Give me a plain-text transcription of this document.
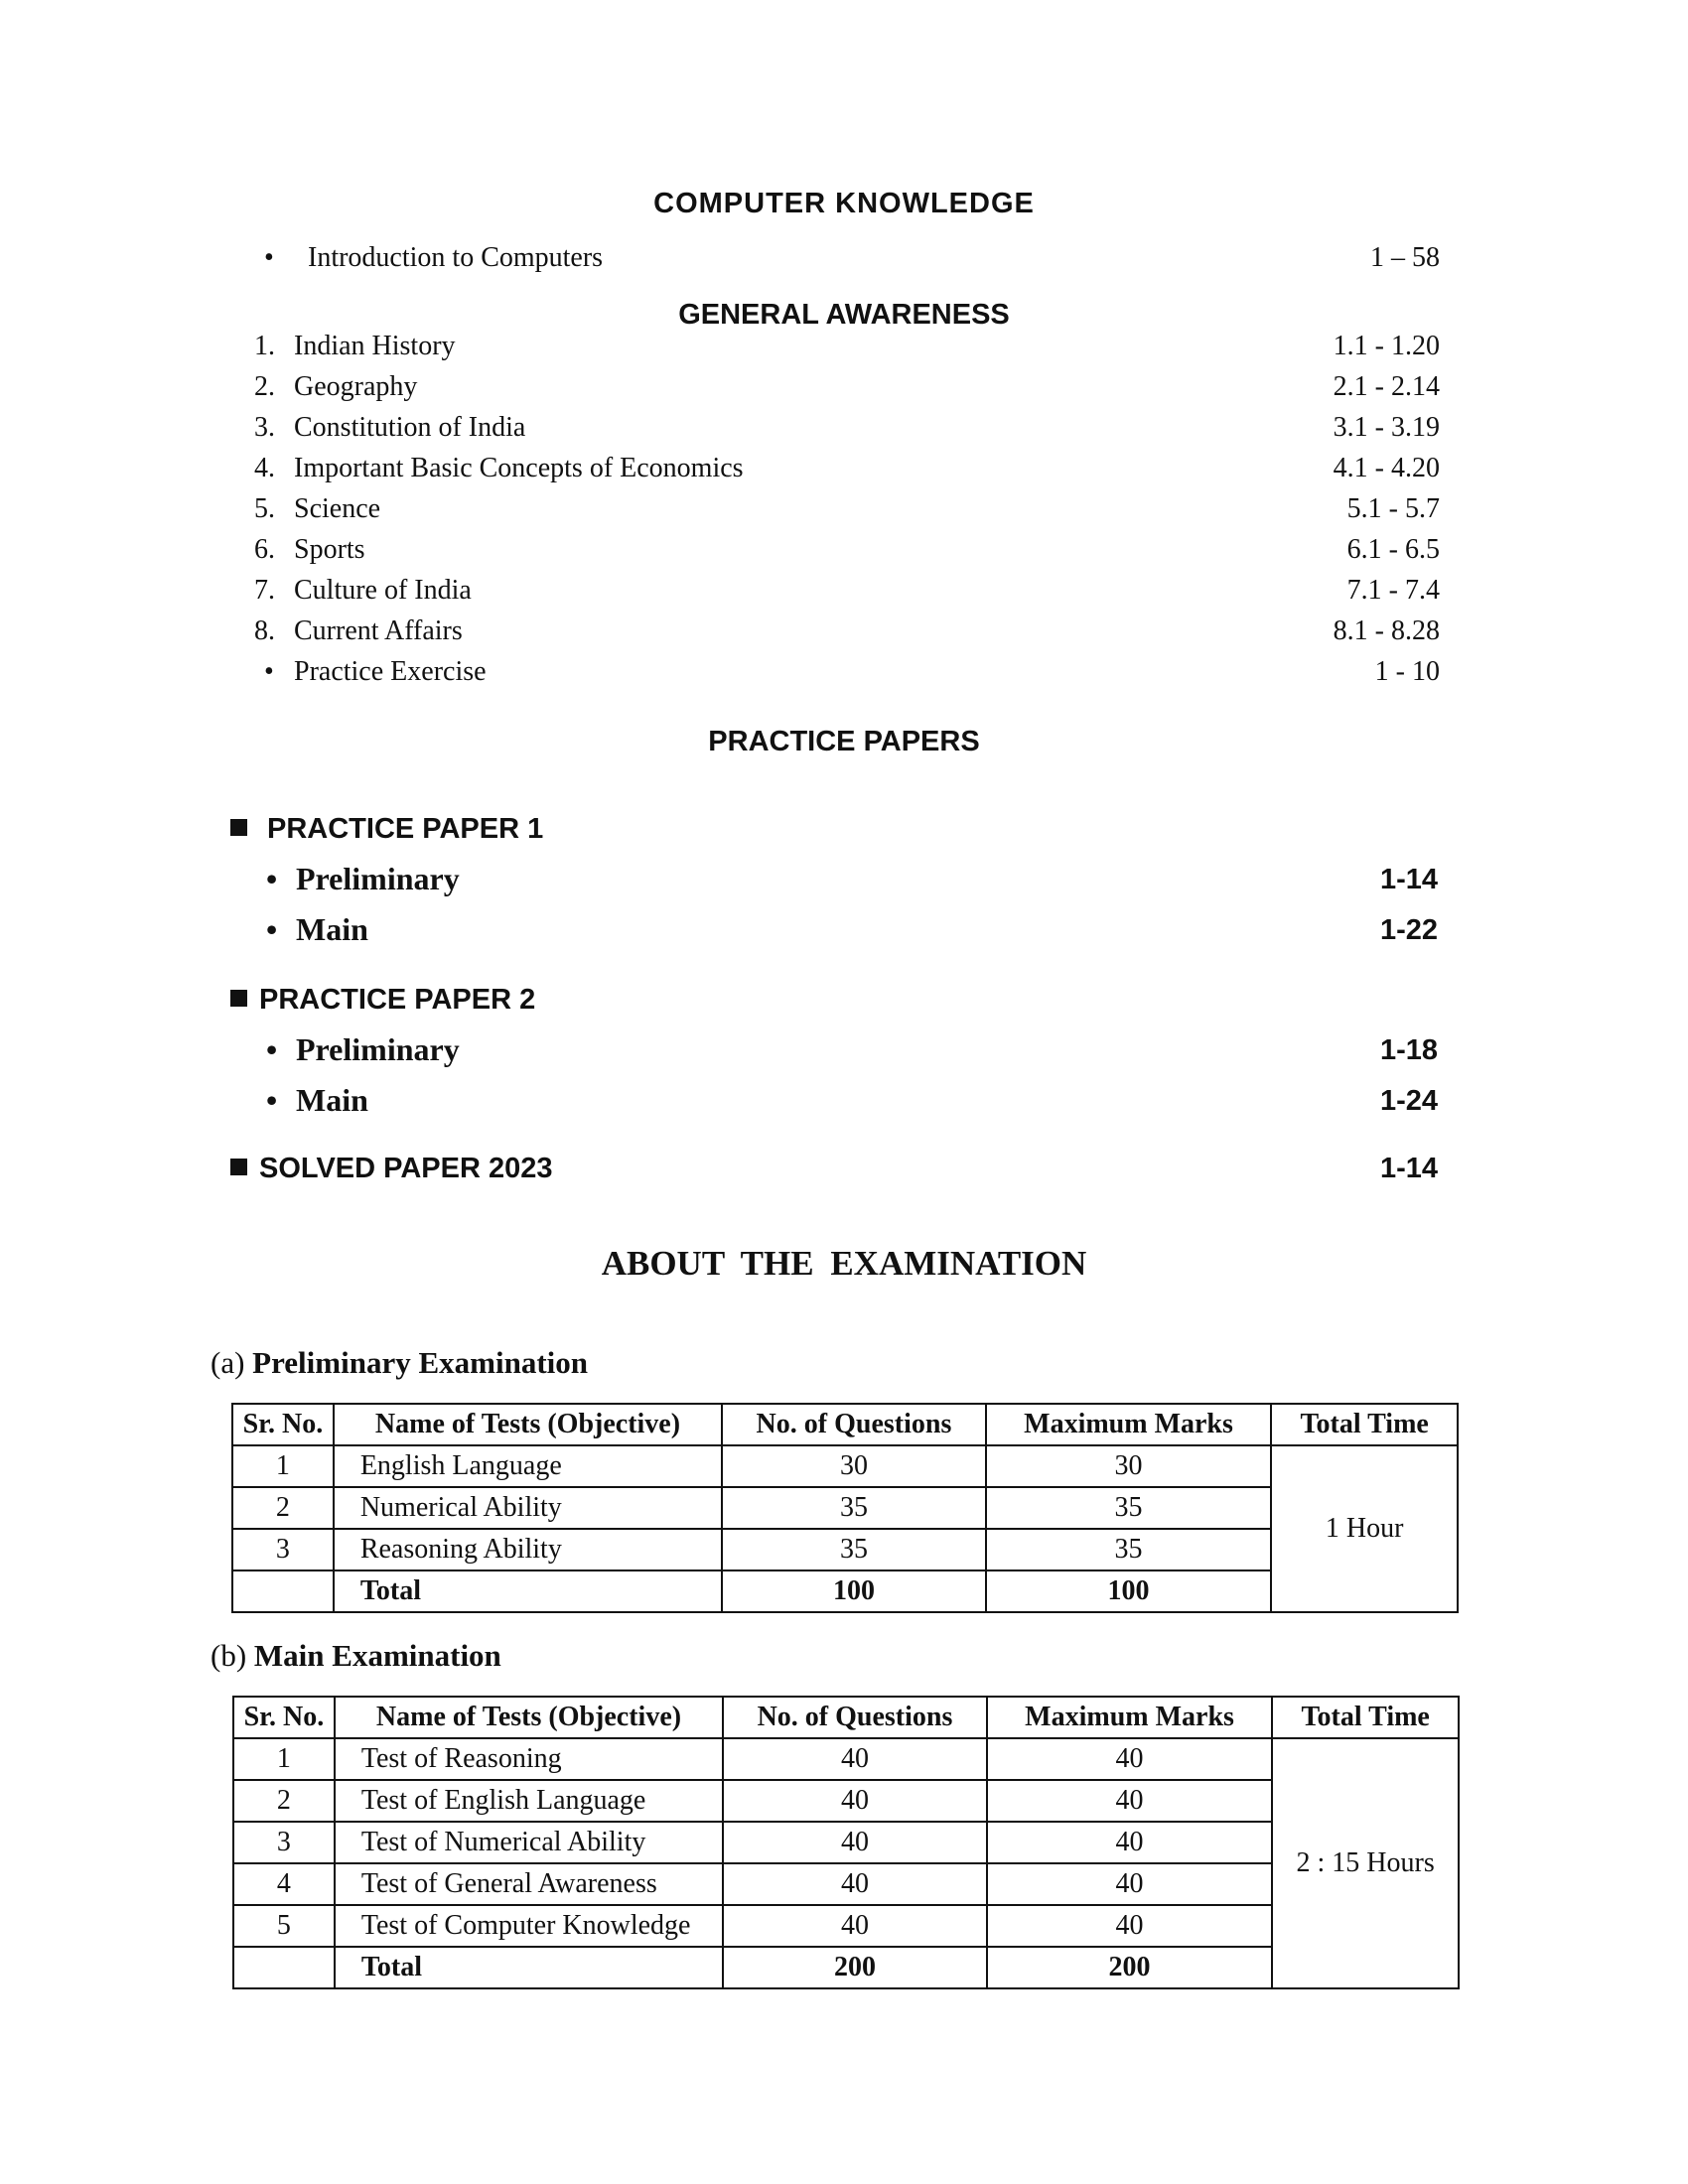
COMPUTER KNOWLEDGE
• Introduction to Computers	1 – 58
GENERAL AWARENESS
1. Indian History	1.1 - 1.20
2. Geography	2.1 - 2.14
3. Constitution of India	3.1 - 3.19
4. Important Basic Concepts of Economics	4.1 - 4.20
5. Science	5.1 - 5.7
6. Sports	6.1 - 6.5
7. Culture of India	7.1 - 7.4
8. Current Affairs	8.1 - 8.28
• Practice Exercise	1 - 10
PRACTICE PAPERS
PRACTICE PAPER 1
• Preliminary	1-14
• Main	1-22
PRACTICE PAPER 2
• Preliminary	1-18
• Main	1-24
SOLVED PAPER 2023	1-14
ABOUT THE EXAMINATION
(a) Preliminary Examination
Sr. No.	Name of Tests (Objective)	No. of Questions	Maximum Marks	Total Time
1	English Language	30	30	1 Hour
2	Numerical Ability	35	35	
3	Reasoning Ability	35	35	
	Total	100	100	
(b) Main Examination
Sr. No.	Name of Tests (Objective)	No. of Questions	Maximum Marks	Total Time
1	Test of Reasoning	40	40	2 : 15 Hours
2	Test of English Language	40	40	
3	Test of Numerical Ability	40	40	
4	Test of General Awareness	40	40	
5	Test of Computer Knowledge	40	40	
	Total	200	200	
